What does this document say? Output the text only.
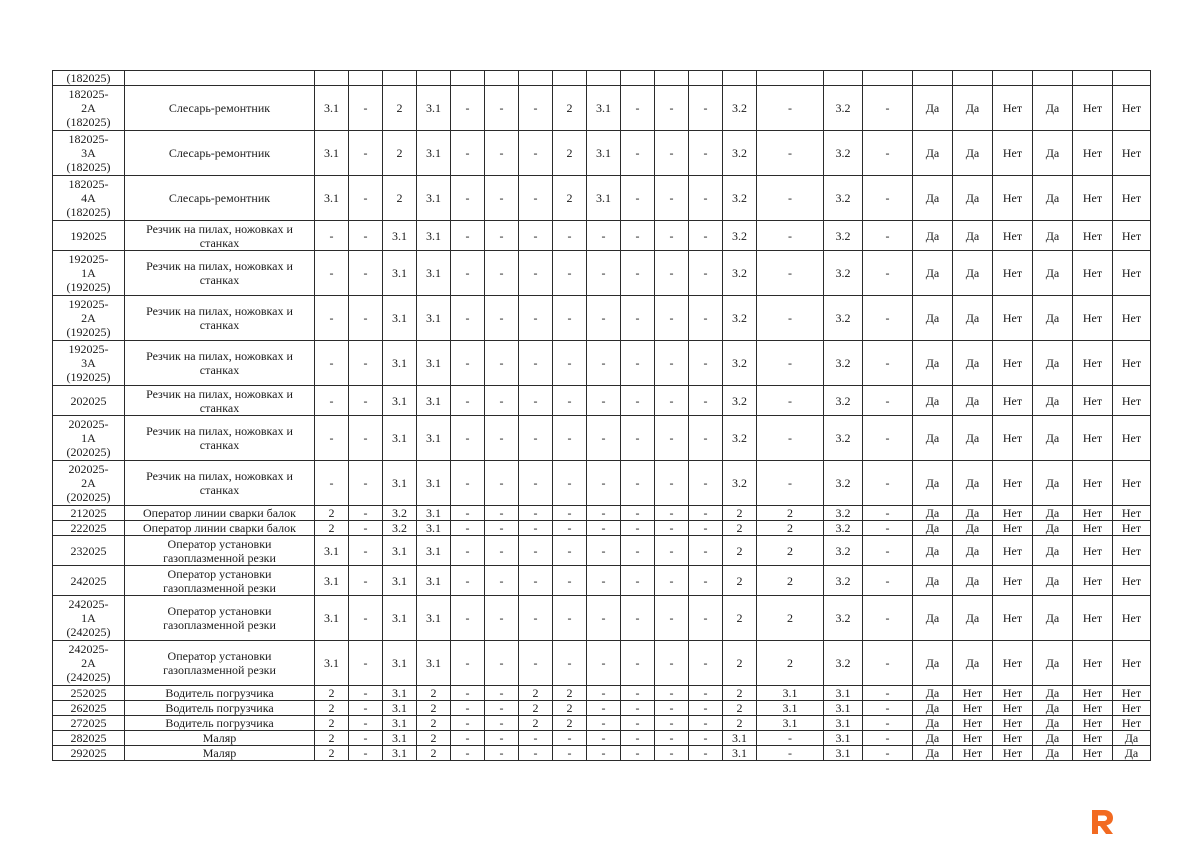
(182025)																							

182025-
2А
(182025)	Слесарь-ремонтник	3.1	-	2	3.1	-	-	-	2	3.1	-	-	-	3.2	-	3.2	-	Да	Да	Нет	Да	Нет	Нет

182025-
3А
(182025)	Слесарь-ремонтник	3.1	-	2	3.1	-	-	-	2	3.1	-	-	-	3.2	-	3.2	-	Да	Да	Нет	Да	Нет	Нет

182025-
4А
(182025)	Слесарь-ремонтник	3.1	-	2	3.1	-	-	-	2	3.1	-	-	-	3.2	-	3.2	-	Да	Да	Нет	Да	Нет	Нет

192025	Резчик на пилах, ножовках и станках	-	-	3.1	3.1	-	-	-	-	-	-	-	-	3.2	-	3.2	-	Да	Да	Нет	Да	Нет	Нет

192025-
1А
(192025)	Резчик на пилах, ножовках и станках	-	-	3.1	3.1	-	-	-	-	-	-	-	-	3.2	-	3.2	-	Да	Да	Нет	Да	Нет	Нет

192025-
2А
(192025)	Резчик на пилах, ножовках и станках	-	-	3.1	3.1	-	-	-	-	-	-	-	-	3.2	-	3.2	-	Да	Да	Нет	Да	Нет	Нет

192025-
3А
(192025)	Резчик на пилах, ножовках и станках	-	-	3.1	3.1	-	-	-	-	-	-	-	-	3.2	-	3.2	-	Да	Да	Нет	Да	Нет	Нет

202025	Резчик на пилах, ножовках и станках	-	-	3.1	3.1	-	-	-	-	-	-	-	-	3.2	-	3.2	-	Да	Да	Нет	Да	Нет	Нет

202025-
1А
(202025)	Резчик на пилах, ножовках и станках	-	-	3.1	3.1	-	-	-	-	-	-	-	-	3.2	-	3.2	-	Да	Да	Нет	Да	Нет	Нет

202025-
2А
(202025)	Резчик на пилах, ножовках и станках	-	-	3.1	3.1	-	-	-	-	-	-	-	-	3.2	-	3.2	-	Да	Да	Нет	Да	Нет	Нет

212025	Оператор линии сварки балок	2	-	3.2	3.1	-	-	-	-	-	-	-	-	2	2	3.2	-	Да	Да	Нет	Да	Нет	Нет

222025	Оператор линии сварки балок	2	-	3.2	3.1	-	-	-	-	-	-	-	-	2	2	3.2	-	Да	Да	Нет	Да	Нет	Нет

232025	Оператор установки газоплазменной резки	3.1	-	3.1	3.1	-	-	-	-	-	-	-	-	2	2	3.2	-	Да	Да	Нет	Да	Нет	Нет

242025	Оператор установки газоплазменной резки	3.1	-	3.1	3.1	-	-	-	-	-	-	-	-	2	2	3.2	-	Да	Да	Нет	Да	Нет	Нет

242025-
1А
(242025)	Оператор установки газоплазменной резки	3.1	-	3.1	3.1	-	-	-	-	-	-	-	-	2	2	3.2	-	Да	Да	Нет	Да	Нет	Нет

242025-
2А
(242025)	Оператор установки газоплазменной резки	3.1	-	3.1	3.1	-	-	-	-	-	-	-	-	2	2	3.2	-	Да	Да	Нет	Да	Нет	Нет

252025	Водитель погрузчика	2	-	3.1	2	-	-	2	2	-	-	-	-	2	3.1	3.1	-	Да	Нет	Нет	Да	Нет	Нет

262025	Водитель погрузчика	2	-	3.1	2	-	-	2	2	-	-	-	-	2	3.1	3.1	-	Да	Нет	Нет	Да	Нет	Нет

272025	Водитель погрузчика	2	-	3.1	2	-	-	2	2	-	-	-	-	2	3.1	3.1	-	Да	Нет	Нет	Да	Нет	Нет

282025	Маляр	2	-	3.1	2	-	-	-	-	-	-	-	-	3.1	-	3.1	-	Да	Нет	Нет	Да	Нет	Да

292025	Маляр	2	-	3.1	2	-	-	-	-	-	-	-	-	3.1	-	3.1	-	Да	Нет	Нет	Да	Нет	Да
